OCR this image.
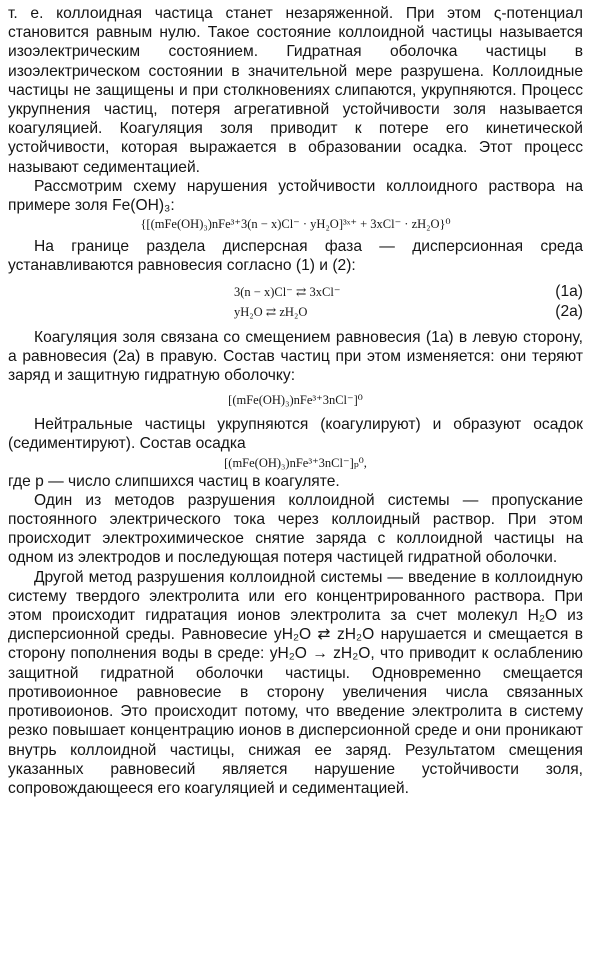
т. е. коллоидная частица станет незаряженной. При этом ς-потенциал становится равным нулю. Такое состояние коллоидной частицы называется изоэлектрическим состоянием. Гидратная оболочка частицы в изоэлектрическом состоянии в значительной мере разрушена. Коллоидные частицы не защищены и при столкновениях слипаются, укрупняются. Процесс укрупнения частиц, потеря агрегативной устойчивости золя называется коагуляцией. Коагуляция золя приводит к потере его кинетической устойчивости, которая выражается в образовании осадка. Этот процесс называют седиментацией.

Рассмотрим схему нарушения устойчивости коллоидного раствора на примере золя Fe(OH)₃:

{[(mFe(OH)₃)nFe³⁺3(n − x)Cl⁻ · yH₂O]³ˣ⁺ + 3xCl⁻ · zH₂O}⁰

На границе раздела дисперсная фаза — дисперсионная среда устанавливаются равновесия согласно (1) и (2):

3(n − x)Cl⁻ ⇄ 3xCl⁻	(1a)
yH₂O ⇄ zH₂O	(2a)

Коагуляция золя связана со смещением равновесия (1a) в левую сторону, а равновесия (2a) в правую. Состав частиц при этом изменяется: они теряют заряд и защитную гидратную оболочку:

[(mFe(OH)₃)nFe³⁺3nCl⁻]⁰

Нейтральные частицы укрупняются (коагулируют) и образуют осадок (седиментируют). Состав осадка

[(mFe(OH)₃)nFe³⁺3nCl⁻]ₚ⁰,

где p — число слипшихся частиц в коагуляте.

Один из методов разрушения коллоидной системы — пропускание постоянного электрического тока через коллоидный раствор. При этом происходит электрохимическое снятие заряда с коллоидной частицы на одном из электродов и последующая потеря частицей гидратной оболочки.

Другой метод разрушения коллоидной системы — введение в коллоидную систему твердого электролита или его концентрированного раствора. При этом происходит гидратация ионов электролита за счет молекул H₂O из дисперсионной среды. Равновесие yH₂O ⇄ zH₂O нарушается и смещается в сторону пополнения воды в среде: yH₂O → zH₂O, что приводит к ослаблению защитной гидратной оболочки частицы. Одновременно смещается противоионное равновесие в сторону увеличения числа связанных противоионов. Это происходит потому, что введение электролита в систему резко повышает концентрацию ионов в дисперсионной среде и они проникают внутрь коллоидной частицы, снижая ее заряд. Результатом смещения указанных равновесий является нарушение устойчивости золя, сопровождающееся его коагуляцией и седиментацией.
